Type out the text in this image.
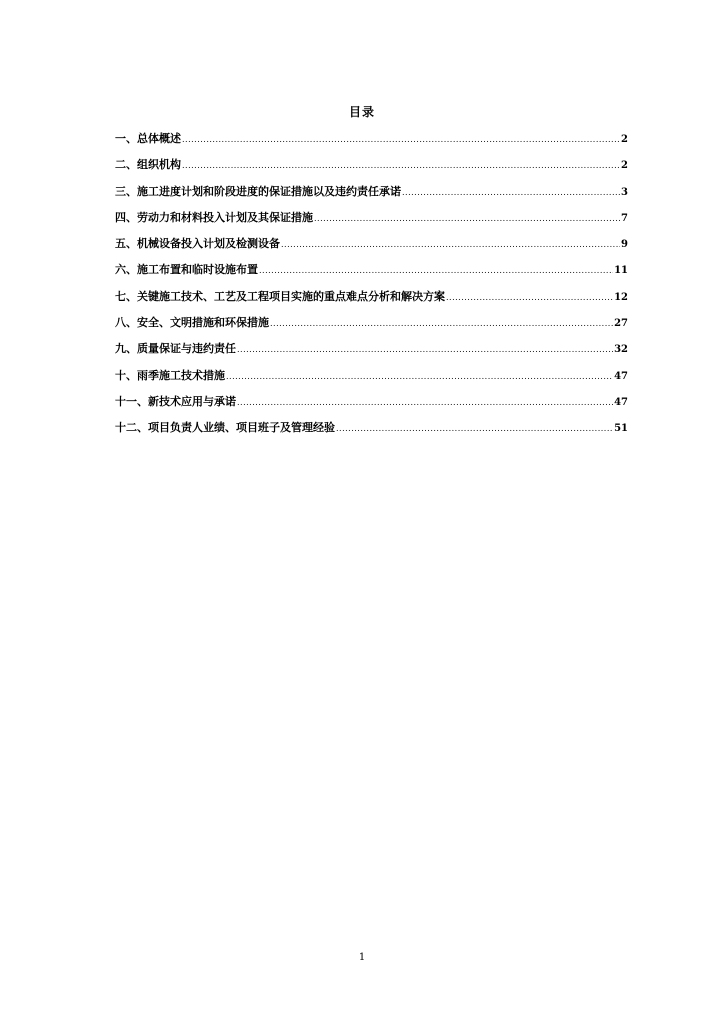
目录
一、总体概述 .....	2
二、组织机构 .....	2
三、施工进度计划和阶段进度的保证措施以及违约责任承诺 .....	3
四、劳动力和材料投入计划及其保证措施 .....	7
五、机械设备投入计划及检测设备 .....	9
六、施工布置和临时设施布置 .....	11
七、关键施工技术、工艺及工程项目实施的重点难点分析和解决方案 .....	12
八、安全、文明措施和环保措施 .....	27
九、质量保证与违约责任 .....	32
十、雨季施工技术措施 .....	47
十一、新技术应用与承诺 .....	47
十二、项目负责人业绩、项目班子及管理经验 .....	51
1
